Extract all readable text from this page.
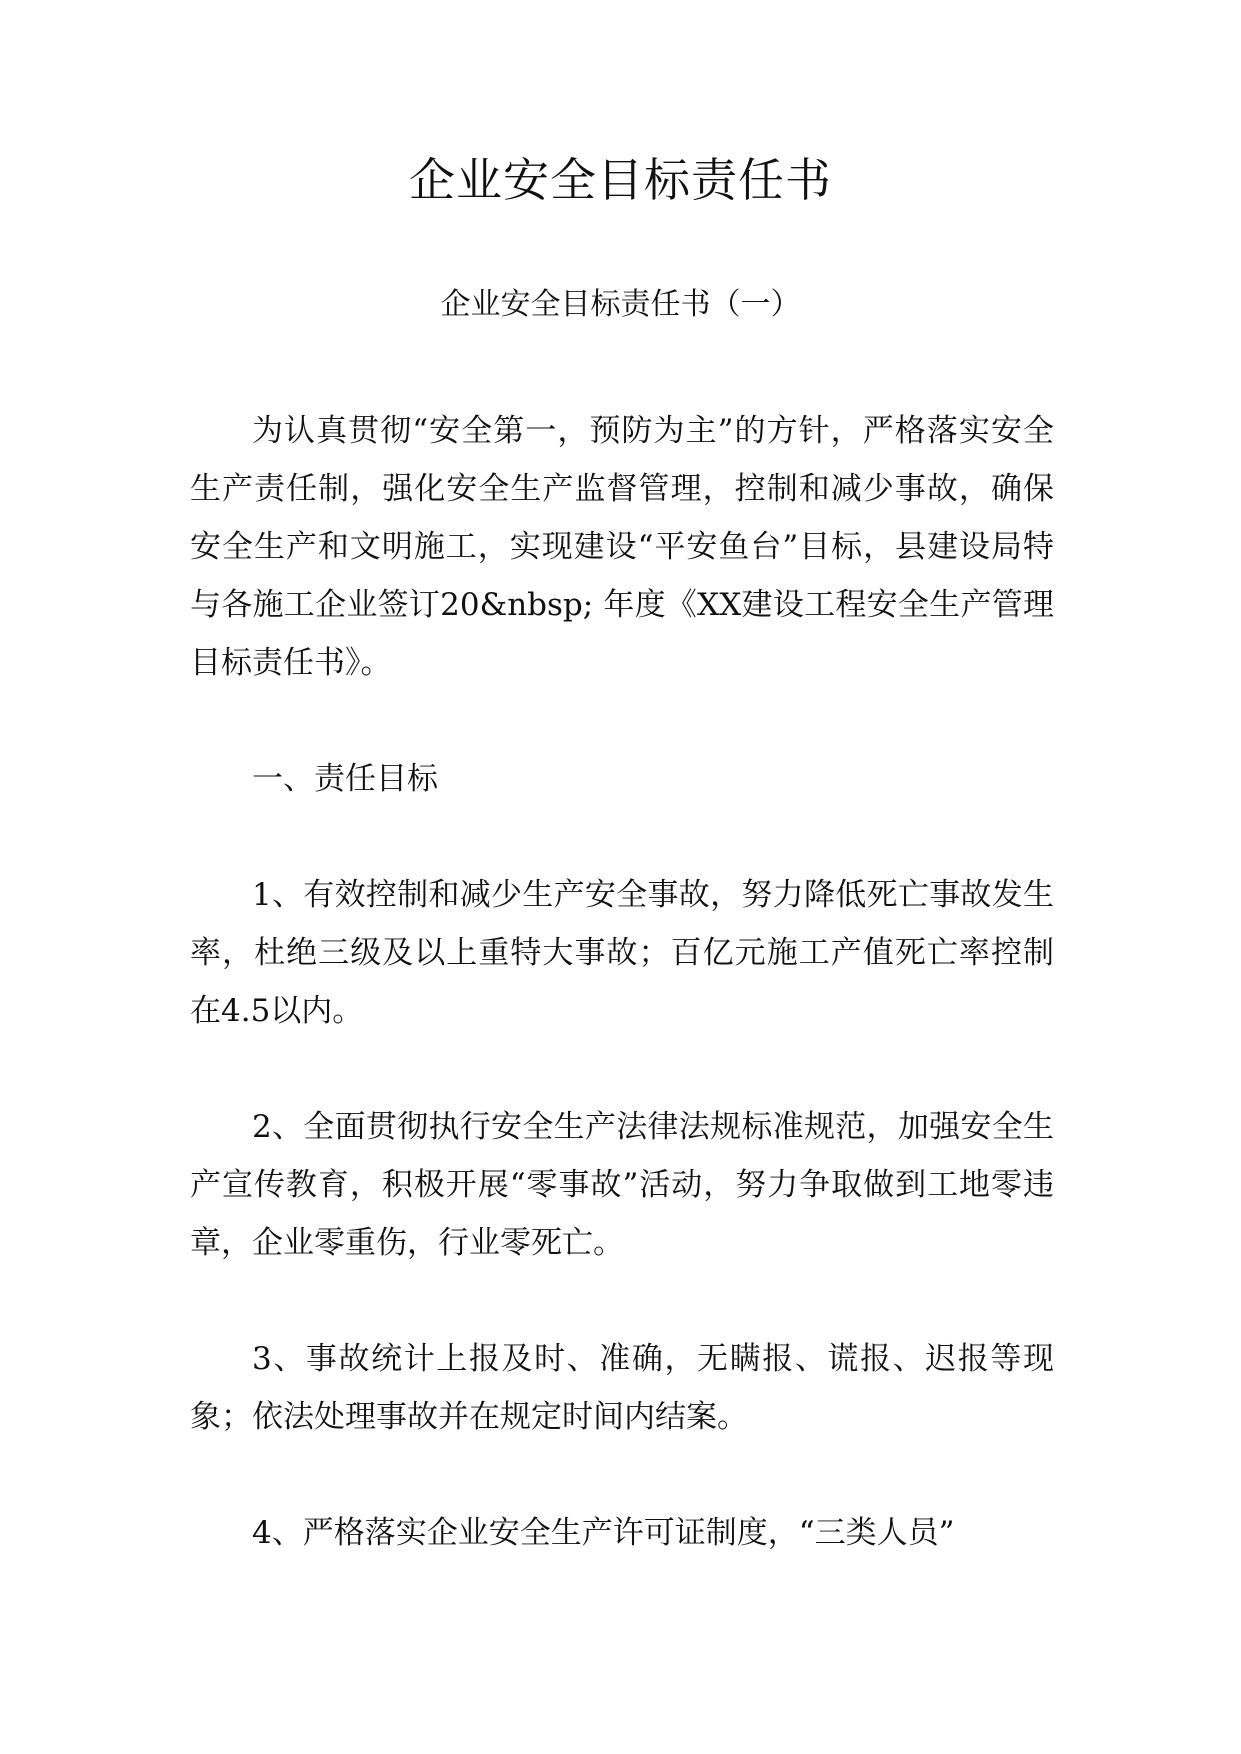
企业安全目标责任书
企业安全目标责任书（一）

为认真贯彻“安全第一，预防为主”的方针，严格落实安全生产责任制，强化安全生产监督管理，控制和减少事故，确保安全生产和文明施工，实现建设“平安鱼台”目标，县建设局特与各施工企业签订20&nbsp; 年度《XX建设工程安全生产管理目标责任书》。

一、责任目标

1、有效控制和减少生产安全事故，努力降低死亡事故发生率，杜绝三级及以上重特大事故；百亿元施工产值死亡率控制在4.5以内。

2、全面贯彻执行安全生产法律法规标准规范，加强安全生产宣传教育，积极开展“零事故”活动，努力争取做到工地零违章，企业零重伤，行业零死亡。

3、事故统计上报及时、准确，无瞒报、谎报、迟报等现象；依法处理事故并在规定时间内结案。

4、严格落实企业安全生产许可证制度，“三类人员”
